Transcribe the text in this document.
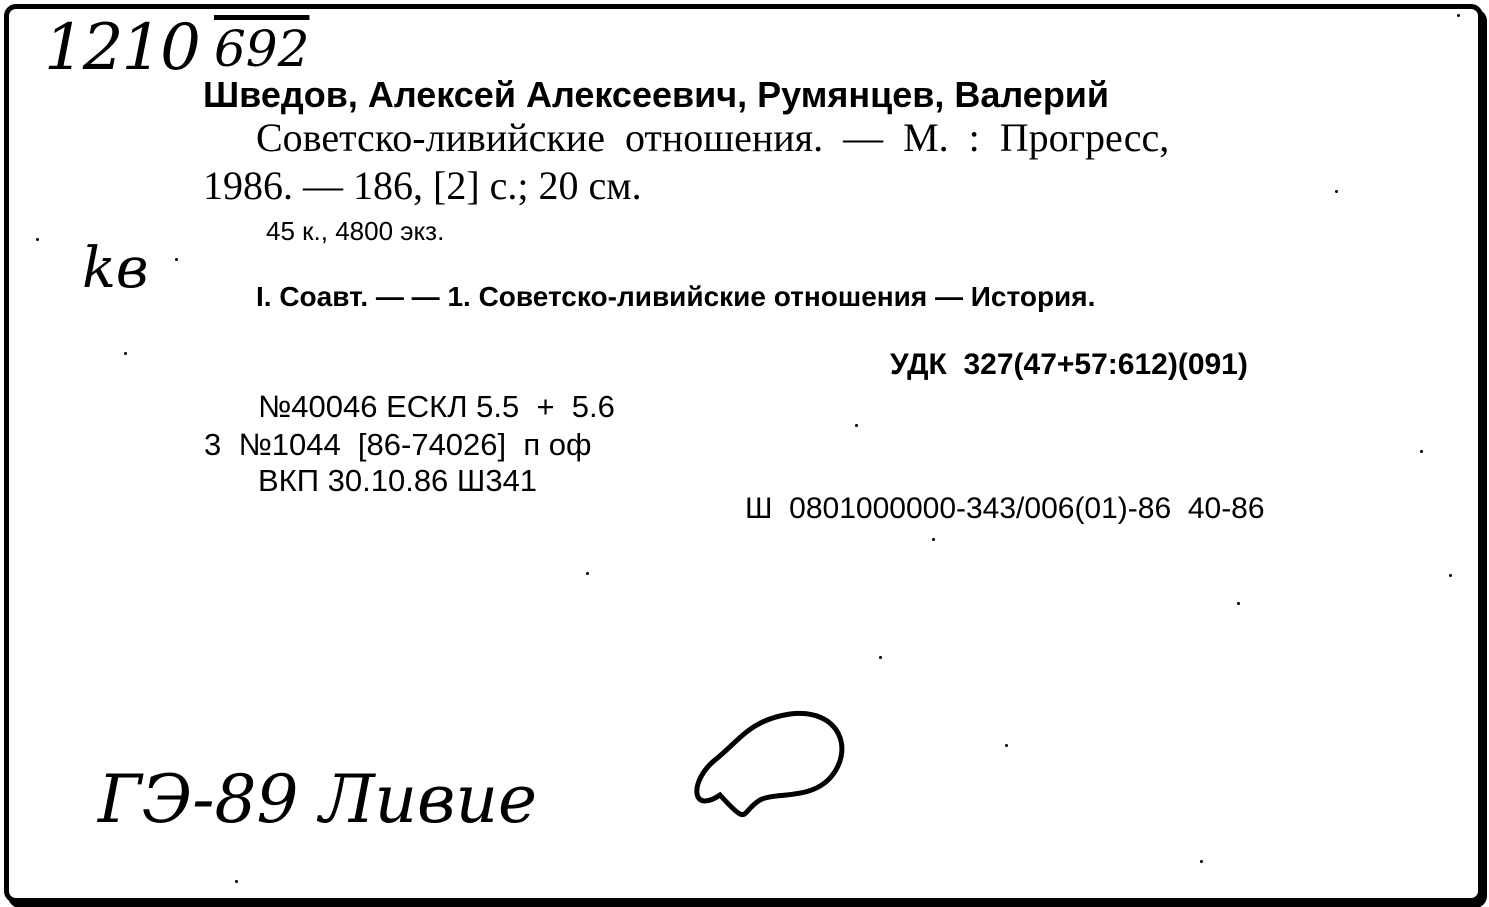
1210 692
Шведов, Алексей Алексеевич, Румянцев, Валерий
Советско-ливийские отношения. — М. : Прогресс,
1986. — 186, [2] с.; 20 см.
45 к., 4800 экз.
kв	I. Соавт. — — 1. Советско-ливийские отношения — История.
УДК  327(47+57:612)(091)
№40046 ЕСКЛ 5.5  +  5.6
3  №1044  [86-74026]  п оф
ВКП 30.10.86 Ш341
Ш  0801000000-343/006(01)-86  40-86
ГЭ-89 Ливие
